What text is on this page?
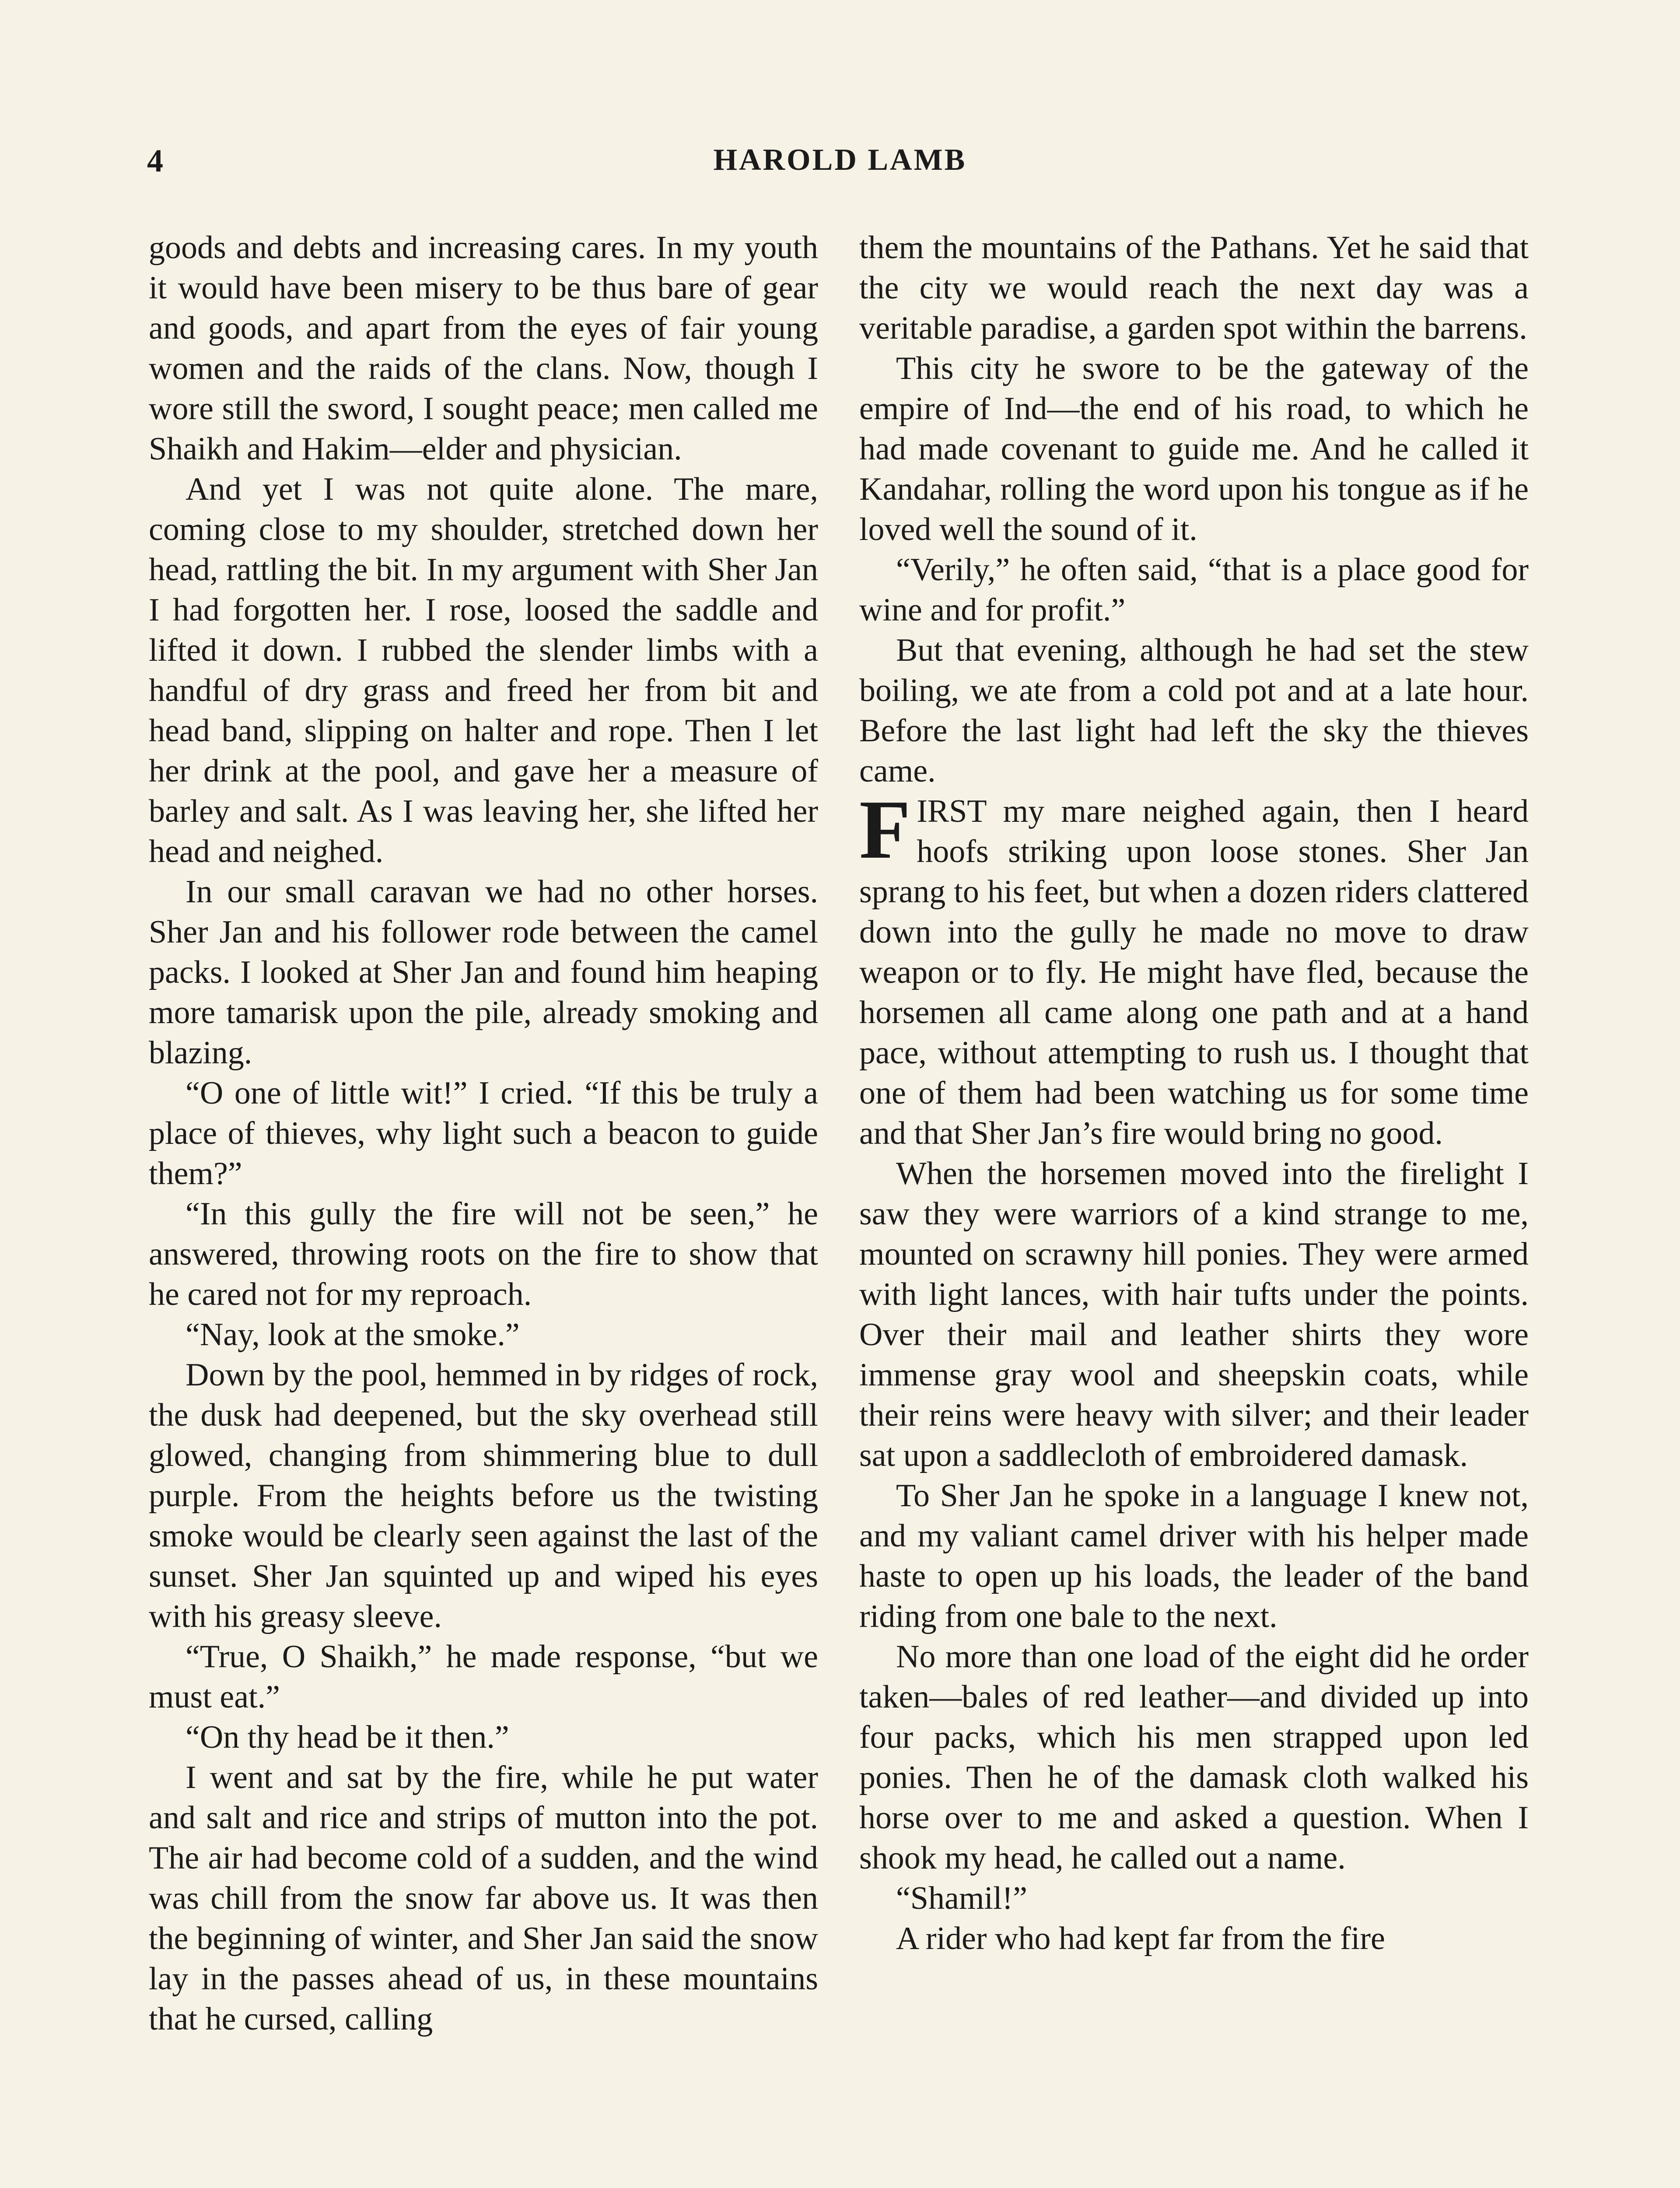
4	HAROLD LAMB

goods and debts and increasing cares. In my youth it would have been misery to be thus bare of gear and goods, and apart from the eyes of fair young women and the raids of the clans. Now, though I wore still the sword, I sought peace; men called me Shaikh and Hakim—elder and physician.

And yet I was not quite alone. The mare, coming close to my shoulder, stretched down her head, rattling the bit. In my argument with Sher Jan I had forgotten her. I rose, loosed the saddle and lifted it down. I rubbed the slender limbs with a handful of dry grass and freed her from bit and head band, slipping on halter and rope. Then I let her drink at the pool, and gave her a measure of barley and salt. As I was leaving her, she lifted her head and neighed.

In our small caravan we had no other horses. Sher Jan and his follower rode between the camel packs. I looked at Sher Jan and found him heaping more tamarisk upon the pile, already smoking and blazing.

“O one of little wit!” I cried. “If this be truly a place of thieves, why light such a beacon to guide them?”

“In this gully the fire will not be seen,” he answered, throwing roots on the fire to show that he cared not for my reproach.

“Nay, look at the smoke.”

Down by the pool, hemmed in by ridges of rock, the dusk had deepened, but the sky overhead still glowed, changing from shimmering blue to dull purple. From the heights before us the twisting smoke would be clearly seen against the last of the sunset. Sher Jan squinted up and wiped his eyes with his greasy sleeve.

“True, O Shaikh,” he made response, “but we must eat.”

“On thy head be it then.”

I went and sat by the fire, while he put water and salt and rice and strips of mutton into the pot. The air had become cold of a sudden, and the wind was chill from the snow far above us. It was then the beginning of winter, and Sher Jan said the snow lay in the passes ahead of us, in these mountains that he cursed, calling

them the mountains of the Pathans. Yet he said that the city we would reach the next day was a veritable paradise, a garden spot within the barrens.

This city he swore to be the gateway of the empire of Ind—the end of his road, to which he had made covenant to guide me. And he called it Kandahar, rolling the word upon his tongue as if he loved well the sound of it.

“Verily,” he often said, “that is a place good for wine and for profit.”

But that evening, although he had set the stew boiling, we ate from a cold pot and at a late hour. Before the last light had left the sky the thieves came.

FIRST my mare neighed again, then I heard hoofs striking upon loose stones. Sher Jan sprang to his feet, but when a dozen riders clattered down into the gully he made no move to draw weapon or to fly. He might have fled, because the horsemen all came along one path and at a hand pace, without attempting to rush us. I thought that one of them had been watching us for some time and that Sher Jan’s fire would bring no good.

When the horsemen moved into the firelight I saw they were warriors of a kind strange to me, mounted on scrawny hill ponies. They were armed with light lances, with hair tufts under the points. Over their mail and leather shirts they wore immense gray wool and sheepskin coats, while their reins were heavy with silver; and their leader sat upon a saddlecloth of embroidered damask.

To Sher Jan he spoke in a language I knew not, and my valiant camel driver with his helper made haste to open up his loads, the leader of the band riding from one bale to the next.

No more than one load of the eight did he order taken—bales of red leather—and divided up into four packs, which his men strapped upon led ponies. Then he of the damask cloth walked his horse over to me and asked a question. When I shook my head, he called out a name.

“Shamil!”

A rider who had kept far from the fire
